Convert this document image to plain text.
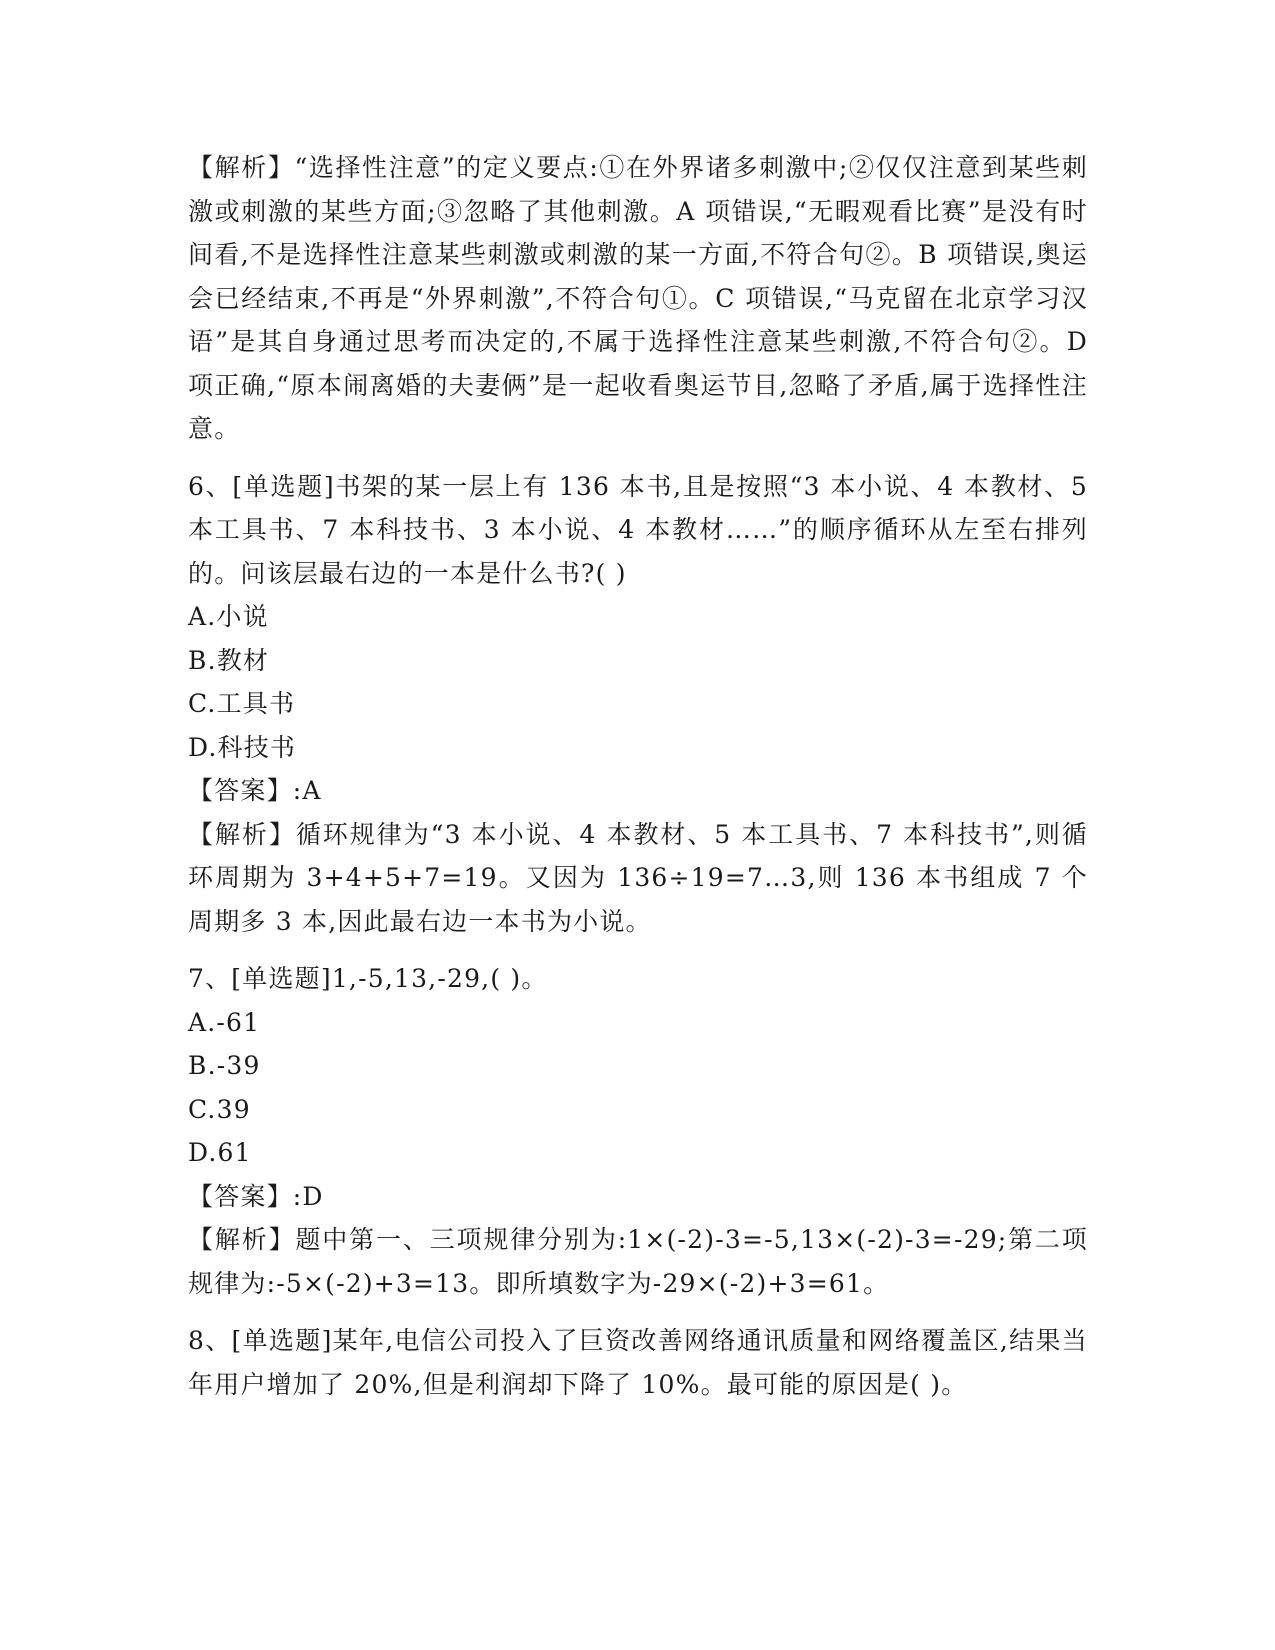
【解析】“选择性注意”的定义要点:①在外界诸多刺激中;②仅仅注意到某些刺激或刺激的某些方面;③忽略了其他刺激。A 项错误,“无暇观看比赛”是没有时间看,不是选择性注意某些刺激或刺激的某一方面,不符合句②。B 项错误,奥运会已经结束,不再是“外界刺激”,不符合句①。C 项错误,“马克留在北京学习汉语”是其自身通过思考而决定的,不属于选择性注意某些刺激,不符合句②。D 项正确,“原本闹离婚的夫妻俩”是一起收看奥运节目,忽略了矛盾,属于选择性注意。

6、[单选题]书架的某一层上有 136 本书,且是按照“3 本小说、4 本教材、5 本工具书、7 本科技书、3 本小说、4 本教材……”的顺序循环从左至右排列的。问该层最右边的一本是什么书?( )

A.小说

B.教材

C.工具书

D.科技书

【答案】:A

【解析】循环规律为“3 本小说、4 本教材、5 本工具书、7 本科技书”,则循环周期为 3+4+5+7=19。又因为 136÷19=7…3,则 136 本书组成 7 个周期多 3 本,因此最右边一本书为小说。

7、[单选题]1,-5,13,-29,( )。

A.-61

B.-39

C.39

D.61

【答案】:D

【解析】题中第一、三项规律分别为:1×(-2)-3=-5,13×(-2)-3=-29;第二项规律为:-5×(-2)+3=13。即所填数字为-29×(-2)+3=61。

8、[单选题]某年,电信公司投入了巨资改善网络通讯质量和网络覆盖区,结果当年用户增加了 20%,但是利润却下降了 10%。最可能的原因是( )。
